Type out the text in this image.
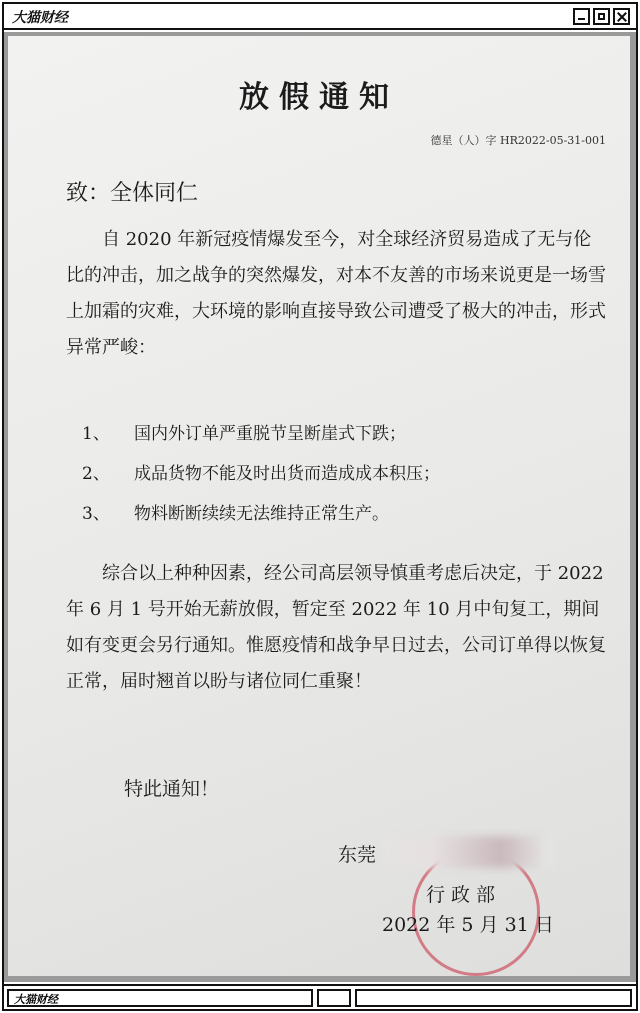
大猫财经
放假通知
德星（人）字 HR2022-05-31-001
致：全体同仁
　　自 2020 年新冠疫情爆发至今，对全球经济贸易造成了无与伦比的冲击，加之战争的突然爆发，对本不友善的市场来说更是一场雪上加霜的灾难，大环境的影响直接导致公司遭受了极大的冲击，形式异常严峻：
1、 国内外订单严重脱节呈断崖式下跌；
2、 成品货物不能及时出货而造成成本积压；
3、 物料断断续续无法维持正常生产。
　　综合以上种种因素，经公司高层领导慎重考虑后决定，于 2022 年 6 月 1 号开始无薪放假，暂定至 2022 年 10 月中旬复工，期间如有变更会另行通知。惟愿疫情和战争早日过去，公司订单得以恢复正常，届时翘首以盼与诸位同仁重聚！
特此通知！
东莞
行政部
2022 年 5 月 31 日
大猫财经
